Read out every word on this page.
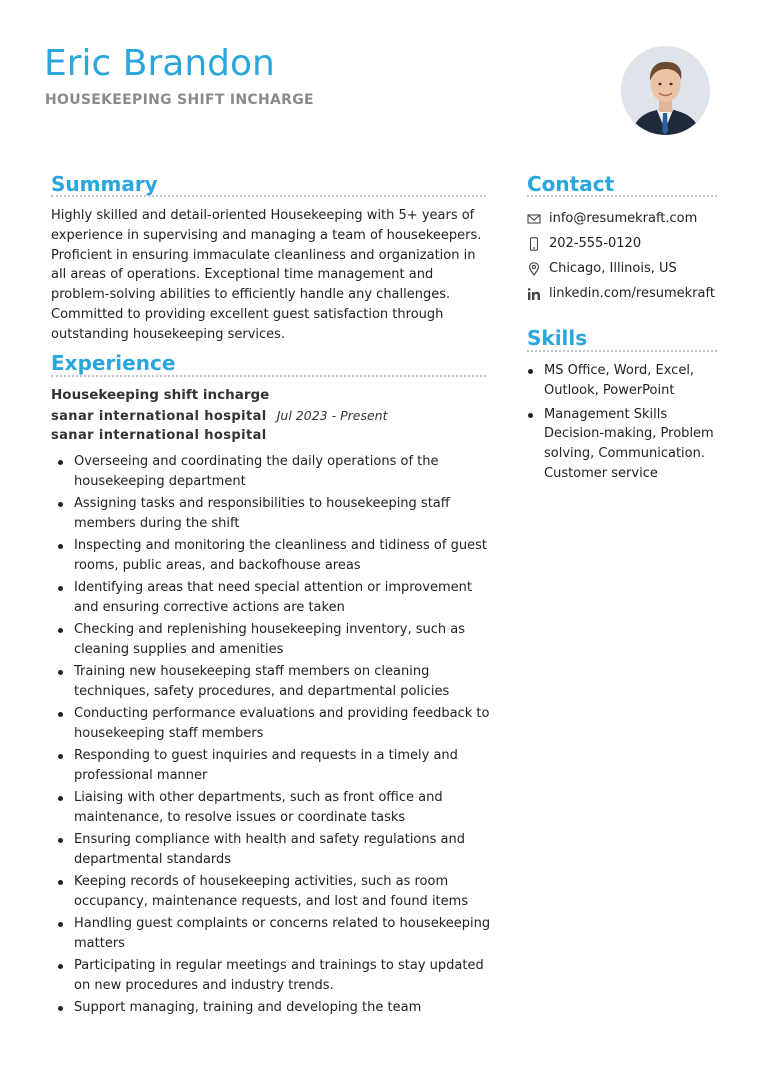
Eric Brandon
HOUSEKEEPING SHIFT INCHARGE
Summary
Highly skilled and detail-oriented Housekeeping with 5+ years of experience in supervising and managing a team of housekeepers. Proficient in ensuring immaculate cleanliness and organization in all areas of operations. Exceptional time management and problem-solving abilities to efficiently handle any challenges. Committed to providing excellent guest satisfaction through outstanding housekeeping services.
Experience
Housekeeping shift incharge
sanar international hospital Jul 2023 - Present
sanar international hospital
Overseeing and coordinating the daily operations of the housekeeping department
Assigning tasks and responsibilities to housekeeping staff members during the shift
Inspecting and monitoring the cleanliness and tidiness of guest rooms, public areas, and backofhouse areas
Identifying areas that need special attention or improvement and ensuring corrective actions are taken
Checking and replenishing housekeeping inventory, such as cleaning supplies and amenities
Training new housekeeping staff members on cleaning techniques, safety procedures, and departmental policies
Conducting performance evaluations and providing feedback to housekeeping staff members
Responding to guest inquiries and requests in a timely and professional manner
Liaising with other departments, such as front office and maintenance, to resolve issues or coordinate tasks
Ensuring compliance with health and safety regulations and departmental standards
Keeping records of housekeeping activities, such as room occupancy, maintenance requests, and lost and found items
Handling guest complaints or concerns related to housekeeping matters
Participating in regular meetings and trainings to stay updated on new procedures and industry trends.
Support managing, training and developing the team
Contact
info@resumekraft.com
202-555-0120
Chicago, Illinois, US
linkedin.com/resumekraft
Skills
MS Office, Word, Excel, Outlook, PowerPoint
Management Skills Decision-making, Problem solving, Communication. Customer service
